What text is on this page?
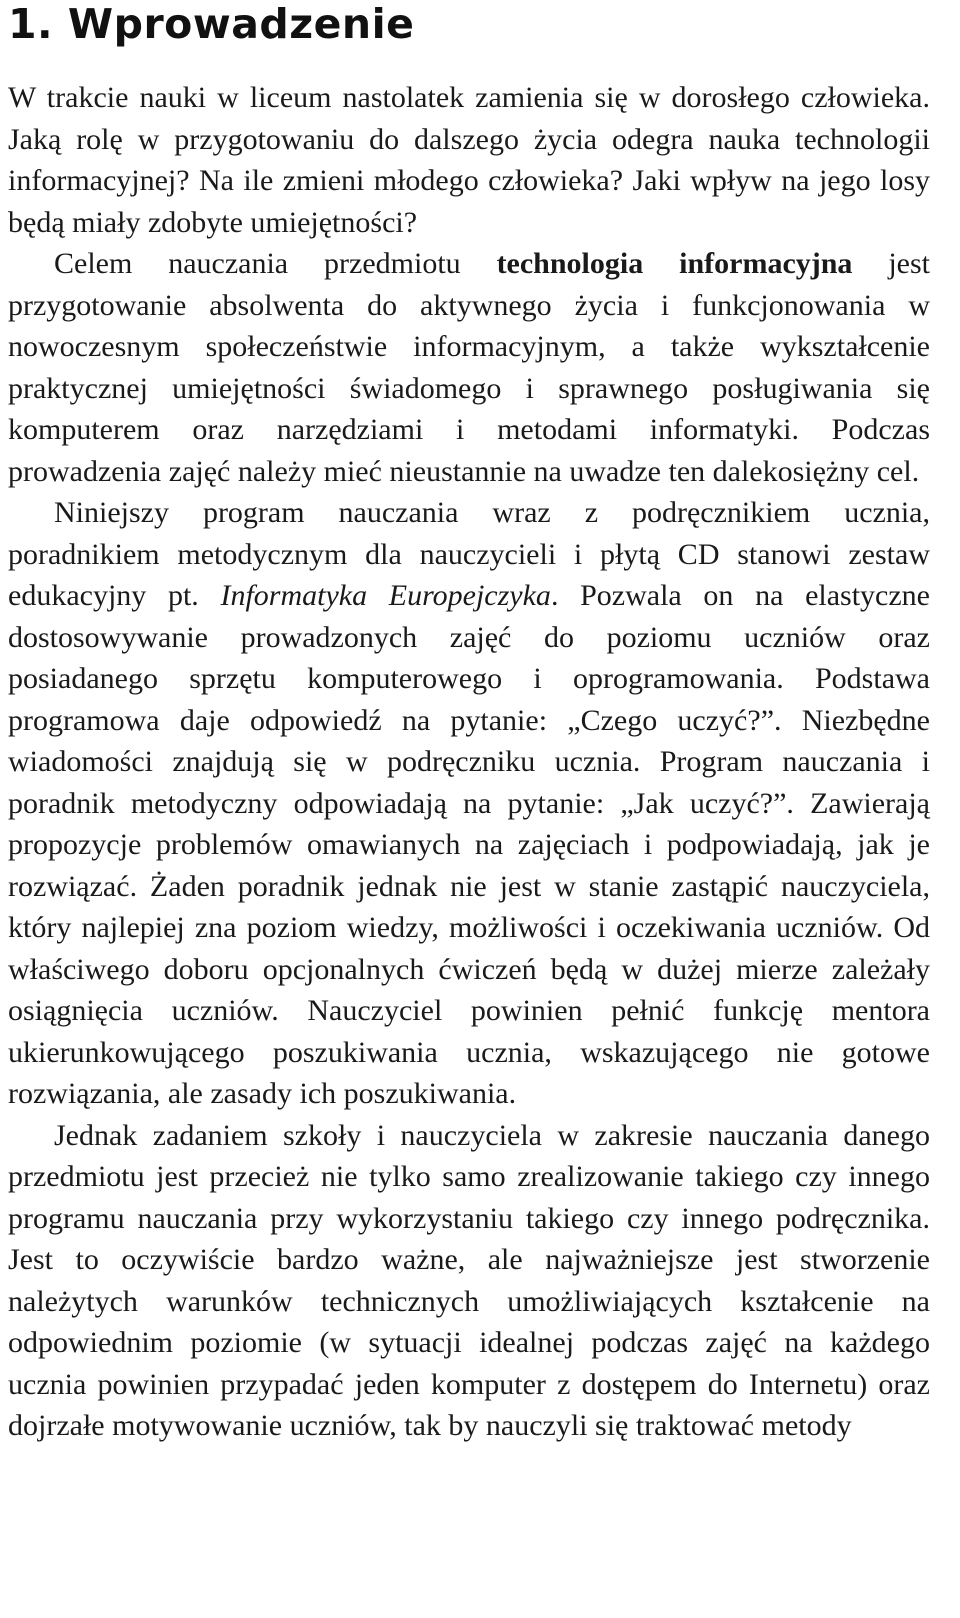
1. Wprowadzenie

W trakcie nauki w liceum nastolatek zamienia się w dorosłego człowieka. Jaką rolę w przygotowaniu do dalszego życia odegra nauka technologii informacyjnej? Na ile zmieni młodego człowieka? Jaki wpływ na jego losy będą miały zdobyte umiejętności?

Celem nauczania przedmiotu technologia informacyjna jest przygotowanie absolwenta do aktywnego życia i funkcjonowania w nowoczesnym społeczeństwie informacyjnym, a także wykształcenie praktycznej umiejętności świadomego i sprawnego posługiwania się komputerem oraz narzędziami i metodami informatyki. Podczas prowadzenia zajęć należy mieć nieustannie na uwadze ten dalekosiężny cel.

Niniejszy program nauczania wraz z podręcznikiem ucznia, poradnikiem metodycznym dla nauczycieli i płytą CD stanowi zestaw edukacyjny pt. Informatyka Europejczyka. Pozwala on na elastyczne dostosowywanie prowadzonych zajęć do poziomu uczniów oraz posiadanego sprzętu komputerowego i oprogramowania. Podstawa programowa daje odpowiedź na pytanie: „Czego uczyć?”. Niezbędne wiadomości znajdują się w podręczniku ucznia. Program nauczania i poradnik metodyczny odpowiadają na pytanie: „Jak uczyć?”. Zawierają propozycje problemów omawianych na zajęciach i podpowiadają, jak je rozwiązać. Żaden poradnik jednak nie jest w stanie zastąpić nauczyciela, który najlepiej zna poziom wiedzy, możliwości i oczekiwania uczniów. Od właściwego doboru opcjonalnych ćwiczeń będą w dużej mierze zależały osiągnięcia uczniów. Nauczyciel powinien pełnić funkcję mentora ukierunkowującego poszukiwania ucznia, wskazującego nie gotowe rozwiązania, ale zasady ich poszukiwania.

Jednak zadaniem szkoły i nauczyciela w zakresie nauczania danego przedmiotu jest przecież nie tylko samo zrealizowanie takiego czy innego programu nauczania przy wykorzystaniu takiego czy innego podręcznika. Jest to oczywiście bardzo ważne, ale najważniejsze jest stworzenie należytych warunków technicznych umożliwiających kształcenie na odpowiednim poziomie (w sytuacji idealnej podczas zajęć na każdego ucznia powinien przypadać jeden komputer z dostępem do Internetu) oraz dojrzałe motywowanie uczniów, tak by nauczyli się traktować metody
